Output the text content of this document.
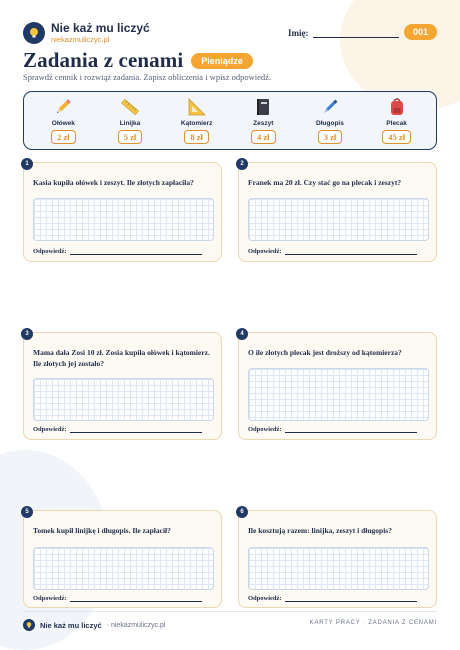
Nie każ mu liczyć
niekazmuliczyc.pl
Imię:	001
Zadania z cenami	Pieniądze
Sprawdź cennik i rozwiąż zadania. Zapisz obliczenia i wpisz odpowiedź.
Ołówek
2 zł
Linijka
5 zł
Kątomierz
8 zł
Zeszyt
4 zł
Długopis
3 zł
Plecak
45 zł
1
Kasia kupiła ołówek i zeszyt. Ile złotych zapłaciła?
Odpowiedź:
2
Franek ma 20 zł. Czy stać go na plecak i zeszyt?
Odpowiedź:
3
Mama dała Zosi 10 zł. Zosia kupiła ołówek i kątomierz. Ile złotych jej zostało?
Odpowiedź:
4
O ile złotych plecak jest droższy od kątomierza?
Odpowiedź:
5
Tomek kupił linijkę i długopis. Ile zapłacił?
Odpowiedź:
6
Ile kosztują razem: linijka, zeszyt i długopis?
Odpowiedź:
Nie każ mu liczyć · niekazmuliczyc.pl	KARTY PRACY · ZADANIA Z CENAMI
